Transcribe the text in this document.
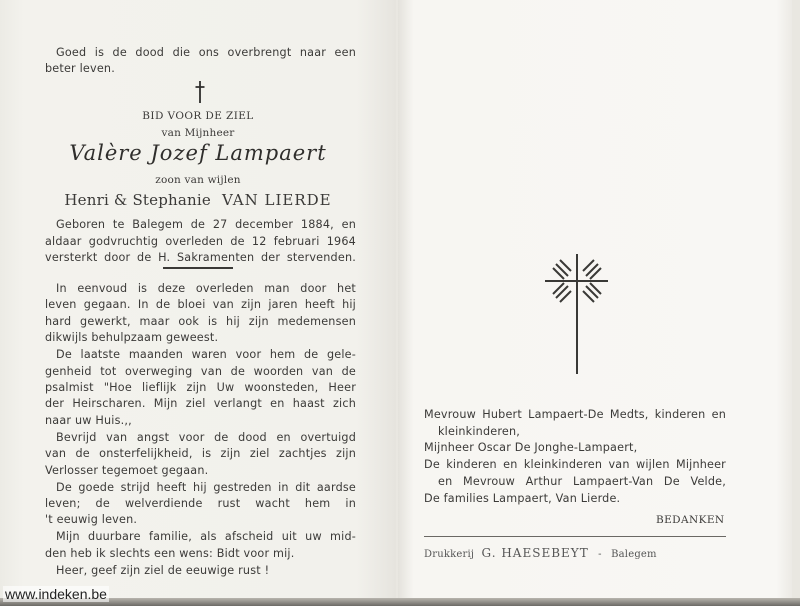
Goed is de dood die ons overbrengt naar een
beter leven.
BID VOOR DE ZIEL
van Mijnheer
Valère Jozef Lampaert
zoon van wijlen
Henri & Stephanie VAN LIERDE
Geboren te Balegem de 27 december 1884, en
aldaar godvruchtig overleden de 12 februari 1964
versterkt door de H. Sakramenten der stervenden.
In eenvoud is deze overleden man door het
leven gegaan. In de bloei van zijn jaren heeft hij
hard gewerkt, maar ook is hij zijn medemensen
dikwijls behulpzaam geweest.
De laatste maanden waren voor hem de gele-
genheid tot overweging van de woorden van de
psalmist "Hoe lieflijk zijn Uw woonsteden, Heer
der Heirscharen. Mijn ziel verlangt en haast zich
naar uw Huis.,,
Bevrijd van angst voor de dood en overtuigd
van de onsterfelijkheid, is zijn ziel zachtjes zijn
Verlosser tegemoet gegaan.
De goede strijd heeft hij gestreden in dit aardse
leven; de welverdiende rust wacht hem in
't eeuwig leven.
Mijn duurbare familie, als afscheid uit uw mid-
den heb ik slechts een wens: Bidt voor mij.
Heer, geef zijn ziel de eeuwige rust !
Mevrouw Hubert Lampaert-De Medts, kinderen en
kleinkinderen,
Mijnheer Oscar De Jonghe-Lampaert,
De kinderen en kleinkinderen van wijlen Mijnheer
en Mevrouw Arthur Lampaert-Van De Velde,
De families Lampaert, Van Lierde.
BEDANKEN
Drukkerij G. HAESEBEYT - Balegem
www.indeken.be
